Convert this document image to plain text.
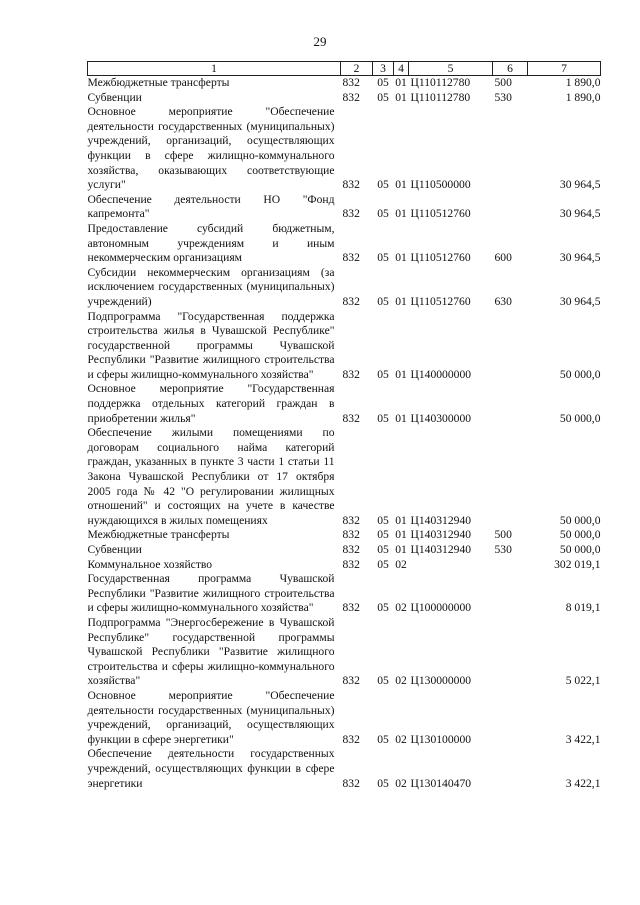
29
1	2	3	4	5	6	7
Межбюджетные трансферты	832	05	01	Ц110112780	500	1 890,0
Субвенции	832	05	01	Ц110112780	530	1 890,0
Основное мероприятие "Обеспечение деятельности государственных (муниципальных) учреждений, организаций, осуществляющих функции в сфере жилищно-коммунального хозяйства, оказывающих соответствующие услуги"	832	05	01	Ц110500000		30 964,5
Обеспечение деятельности НО "Фонд капремонта"	832	05	01	Ц110512760		30 964,5
Предоставление субсидий бюджетным, автономным учреждениям и иным некоммерческим организациям	832	05	01	Ц110512760	600	30 964,5
Субсидии некоммерческим организациям (за исключением государственных (муниципальных) учреждений)	832	05	01	Ц110512760	630	30 964,5
Подпрограмма "Государственная поддержка строительства жилья в Чувашской Республике" государственной программы Чувашской Республики "Развитие жилищного строительства и сферы жилищно-коммунального хозяйства"	832	05	01	Ц140000000		50 000,0
Основное мероприятие "Государственная поддержка отдельных категорий граждан в приобретении жилья"	832	05	01	Ц140300000		50 000,0
Обеспечение жилыми помещениями по договорам социального найма категорий граждан, указанных в пункте 3 части 1 статьи 11 Закона Чувашской Республики от 17 октября 2005 года № 42 "О регулировании жилищных отношений" и состоящих на учете в качестве нуждающихся в жилых помещениях	832	05	01	Ц140312940		50 000,0
Межбюджетные трансферты	832	05	01	Ц140312940	500	50 000,0
Субвенции	832	05	01	Ц140312940	530	50 000,0
Коммунальное хозяйство	832	05	02			302 019,1
Государственная программа Чувашской Республики "Развитие жилищного строительства и сферы жилищно-коммунального хозяйства"	832	05	02	Ц100000000		8 019,1
Подпрограмма "Энергосбережение в Чувашской Республике" государственной программы Чувашской Республики "Развитие жилищного строительства и сферы жилищно-коммунального хозяйства"	832	05	02	Ц130000000		5 022,1
Основное мероприятие "Обеспечение деятельности государственных (муниципальных) учреждений, организаций, осуществляющих функции в сфере энергетики"	832	05	02	Ц130100000		3 422,1
Обеспечение деятельности государственных учреждений, осуществляющих функции в сфере энергетики	832	05	02	Ц130140470		3 422,1
